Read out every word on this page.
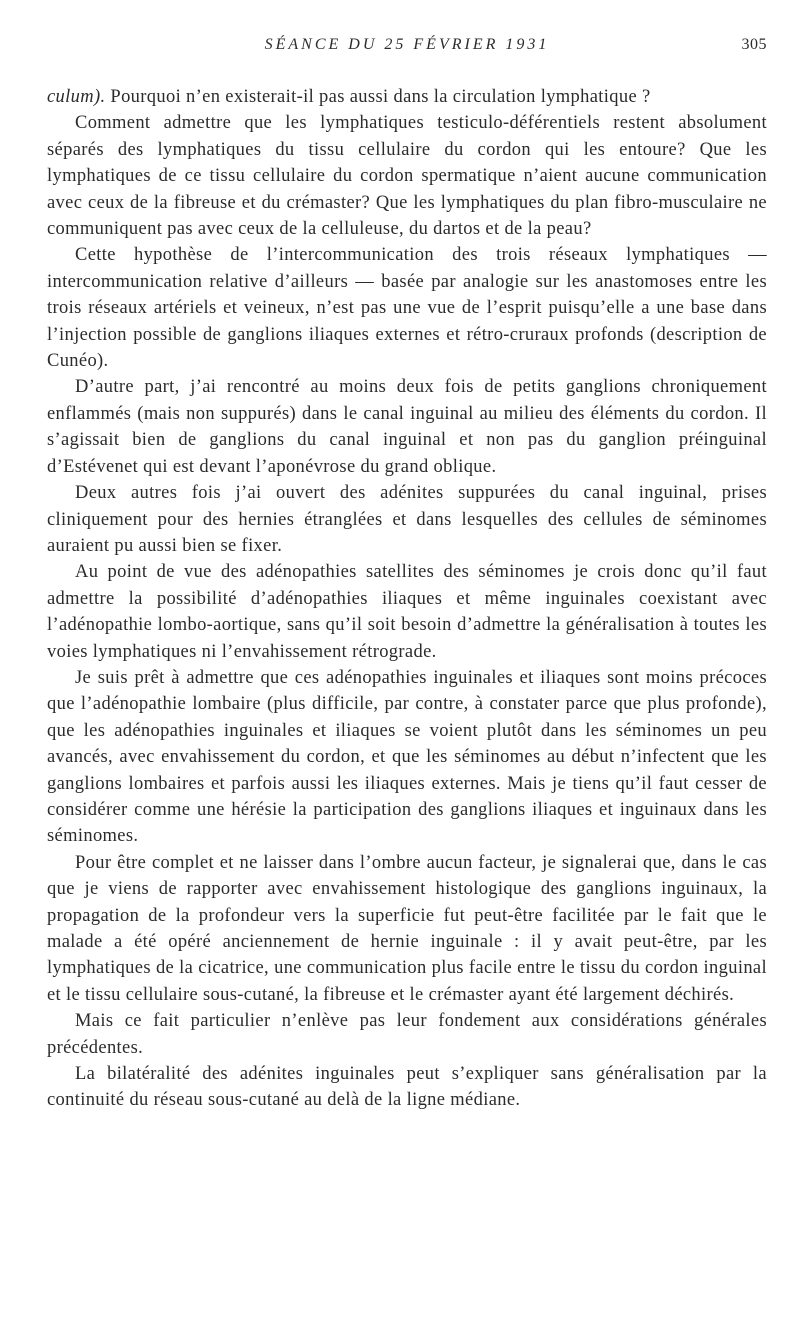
SÉANCE DU 25 FÉVRIER 1931	305

culum). Pourquoi n’en existerait-il pas aussi dans la circulation lymphatique ?

Comment admettre que les lymphatiques testiculo-déférentiels restent absolument séparés des lymphatiques du tissu cellulaire du cordon qui les entoure? Que les lymphatiques de ce tissu cellulaire du cordon spermatique n’aient aucune communication avec ceux de la fibreuse et du crémaster? Que les lymphatiques du plan fibro-musculaire ne communiquent pas avec ceux de la celluleuse, du dartos et de la peau?

Cette hypothèse de l’intercommunication des trois réseaux lymphatiques — intercommunication relative d’ailleurs — basée par analogie sur les anastomoses entre les trois réseaux artériels et veineux, n’est pas une vue de l’esprit puisqu’elle a une base dans l’injection possible de ganglions iliaques externes et rétro-cruraux profonds (description de Cunéo).

D’autre part, j’ai rencontré au moins deux fois de petits ganglions chroniquement enflammés (mais non suppurés) dans le canal inguinal au milieu des éléments du cordon. Il s’agissait bien de ganglions du canal inguinal et non pas du ganglion préinguinal d’Estévenet qui est devant l’aponévrose du grand oblique.

Deux autres fois j’ai ouvert des adénites suppurées du canal inguinal, prises cliniquement pour des hernies étranglées et dans lesquelles des cellules de séminomes auraient pu aussi bien se fixer.

Au point de vue des adénopathies satellites des séminomes je crois donc qu’il faut admettre la possibilité d’adénopathies iliaques et même inguinales coexistant avec l’adénopathie lombo-aortique, sans qu’il soit besoin d’admettre la généralisation à toutes les voies lymphatiques ni l’envahissement rétrograde.

Je suis prêt à admettre que ces adénopathies inguinales et iliaques sont moins précoces que l’adénopathie lombaire (plus difficile, par contre, à constater parce que plus profonde), que les adénopathies inguinales et iliaques se voient plutôt dans les séminomes un peu avancés, avec envahissement du cordon, et que les séminomes au début n’infectent que les ganglions lombaires et parfois aussi les iliaques externes. Mais je tiens qu’il faut cesser de considérer comme une hérésie la participation des ganglions iliaques et inguinaux dans les séminomes.

Pour être complet et ne laisser dans l’ombre aucun facteur, je signalerai que, dans le cas que je viens de rapporter avec envahissement histologique des ganglions inguinaux, la propagation de la profondeur vers la superficie fut peut-être facilitée par le fait que le malade a été opéré anciennement de hernie inguinale : il y avait peut-être, par les lymphatiques de la cicatrice, une communication plus facile entre le tissu du cordon inguinal et le tissu cellulaire sous-cutané, la fibreuse et le crémaster ayant été largement déchirés.

Mais ce fait particulier n’enlève pas leur fondement aux considérations générales précédentes.

La bilatéralité des adénites inguinales peut s’expliquer sans généralisation par la continuité du réseau sous-cutané au delà de la ligne médiane.
